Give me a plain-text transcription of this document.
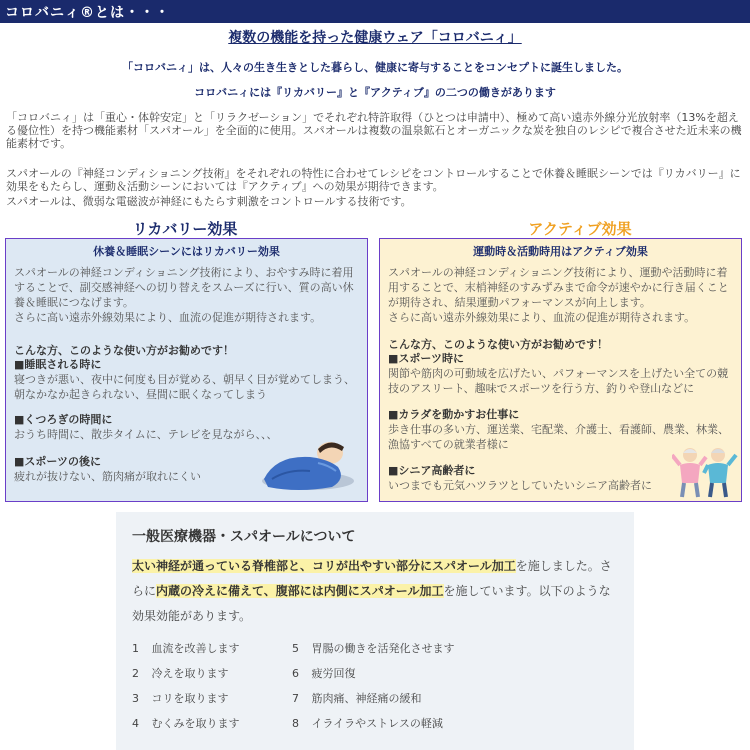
コロバニィ®とは・・・
複数の機能を持った健康ウェア「コロバニィ」
「コロバニィ」は、人々の生き生きとした暮らし、健康に寄与することをコンセプトに誕生しました。
コロバニィには『リカバリー』と『アクティブ』の二つの働きがあります
「コロバニィ」は「重心・体幹安定」と「リラクゼーション」でそれぞれ特許取得（ひとつは申請中）、極めて高い遠赤外線分光放射率（13%を超える優位性）を持つ機能素材「スパオール」を全面的に使用。スパオールは複数の温泉鉱石とオーガニックな炭を独自のレシピで複合させた近未来の機能素材です。
スパオールの『神経コンディショニング技術』をそれぞれの特性に合わせてレシピをコントロールすることで休養＆睡眠シーンでは『リカバリー』に効果をもたらし、運動＆活動シーンにおいては『アクティブ』への効果が期待できます。
スパオールは、微弱な電磁波が神経にもたらす刺激をコントロールする技術です。
リカバリー効果	アクティブ効果
休養＆睡眠シーンにはリカバリー効果
スパオールの神経コンディショニング技術により、おやすみ時に着用することで、副交感神経への切り替えをスムーズに行い、質の高い休養＆睡眠につなげます。
さらに高い遠赤外線効果により、血流の促進が期待されます。
こんな方、このような使い方がお勧めです！
■睡眠される時に
寝つきが悪い、夜中に何度も目が覚める、朝早く目が覚めてしまう、朝なかなか起きられない、昼間に眠くなってしまう
■くつろぎの時間に
おうち時間に、散歩タイムに、テレビを見ながら、、、
■スポーツの後に
疲れが抜けない、筋肉痛が取れにくい
運動時＆活動時用はアクティブ効果
スパオールの神経コンディショニング技術により、運動や活動時に着用することで、末梢神経のすみずみまで命令が速やかに行き届くことが期待され、結果運動パフォーマンスが向上します。
さらに高い遠赤外線効果により、血流の促進が期待されます。
こんな方、このような使い方がお勧めです！
■スポーツ時に
関節や筋肉の可動域を広げたい、パフォーマンスを上げたい全ての競技のアスリート、趣味でスポーツを行う方、釣りや登山などに
■カラダを動かすお仕事に
歩き仕事の多い方、運送業、宅配業、介護士、看護師、農業、林業、漁協すべての就業者様に
■シニア高齢者に
いつまでも元気ハツラツとしていたいシニア高齢者に
一般医療機器・スパオールについて
太い神経が通っている脊椎部と、コリが出やすい部分にスパオール加工を施しました。さらに内蔵の冷えに備えて、腹部には内側にスパオール加工を施しています。以下のような効果効能があります。
1 血流を改善します
2 冷えを取ります
3 コリを取ります
4 むくみを取ります
5 胃腸の働きを活発化させます
6 疲労回復
7 筋肉痛、神経痛の緩和
8 イライラやストレスの軽減
